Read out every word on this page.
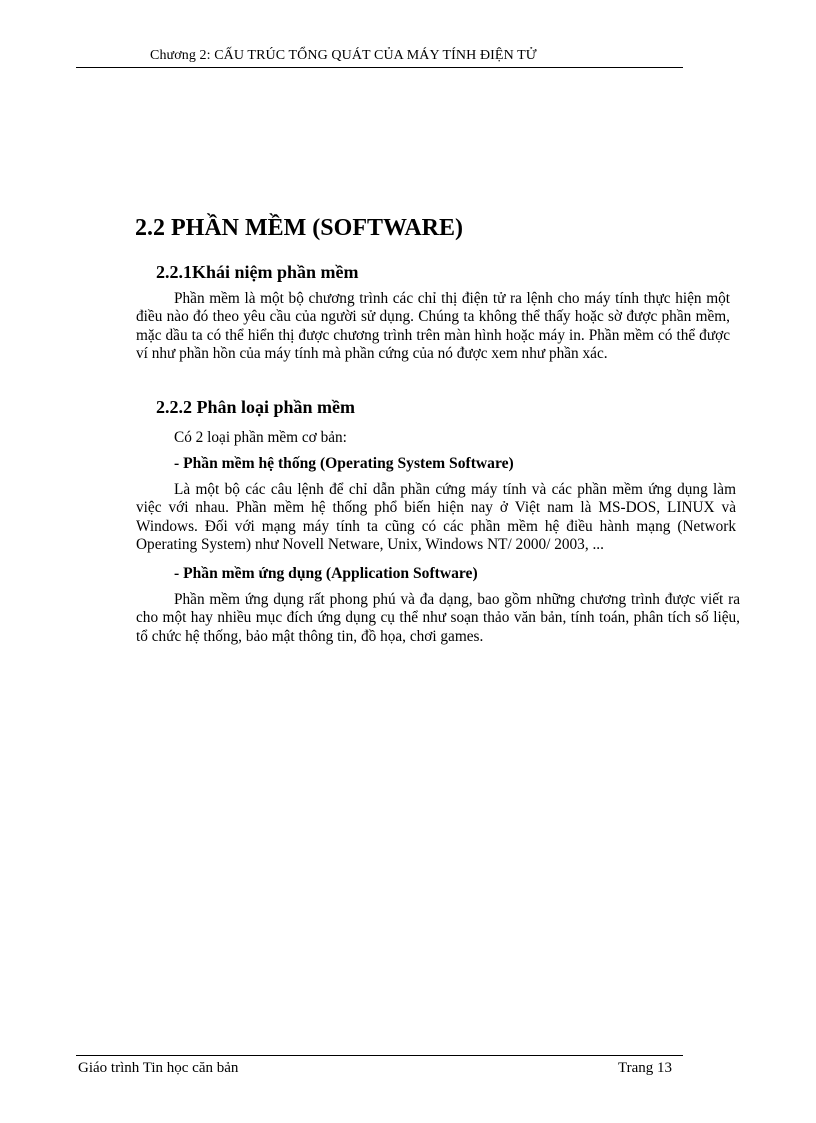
Chương 2: CẤU TRÚC TỔNG QUÁT CỦA MÁY TÍNH ĐIỆN TỬ
2.2 PHẦN MỀM (SOFTWARE)
2.2.1Khái niệm phần mềm

Phần mềm là một bộ chương trình các chỉ thị điện tử ra lệnh cho máy tính thực hiện một điều nào đó theo yêu cầu của người sử dụng. Chúng ta không thể thấy hoặc sờ được phần mềm, mặc dầu ta có thể hiển thị được chương trình trên màn hình hoặc máy in. Phần mềm có thể được ví như phần hồn của máy tính mà phần cứng của nó được xem như phần xác.

2.2.2 Phân loại phần mềm

Có 2 loại phần mềm cơ bản:

- Phần mềm hệ thống (Operating System Software)

Là một bộ các câu lệnh để chỉ dẫn phần cứng máy tính và các phần mềm ứng dụng làm việc với nhau. Phần mềm hệ thống phổ biến hiện nay ở Việt nam là MS-DOS, LINUX và Windows. Đối với mạng máy tính ta cũng có các phần mềm hệ điều hành mạng (Network Operating System) như Novell Netware, Unix, Windows NT/ 2000/ 2003, ...

- Phần mềm ứng dụng (Application Software)

Phần mềm ứng dụng rất phong phú và đa dạng, bao gồm những chương trình được viết ra cho một hay nhiều mục đích ứng dụng cụ thể như soạn thảo văn bản, tính toán, phân tích số liệu, tổ chức hệ thống, bảo mật thông tin, đồ họa, chơi games.

Giáo trình Tin học căn bản	Trang 13
